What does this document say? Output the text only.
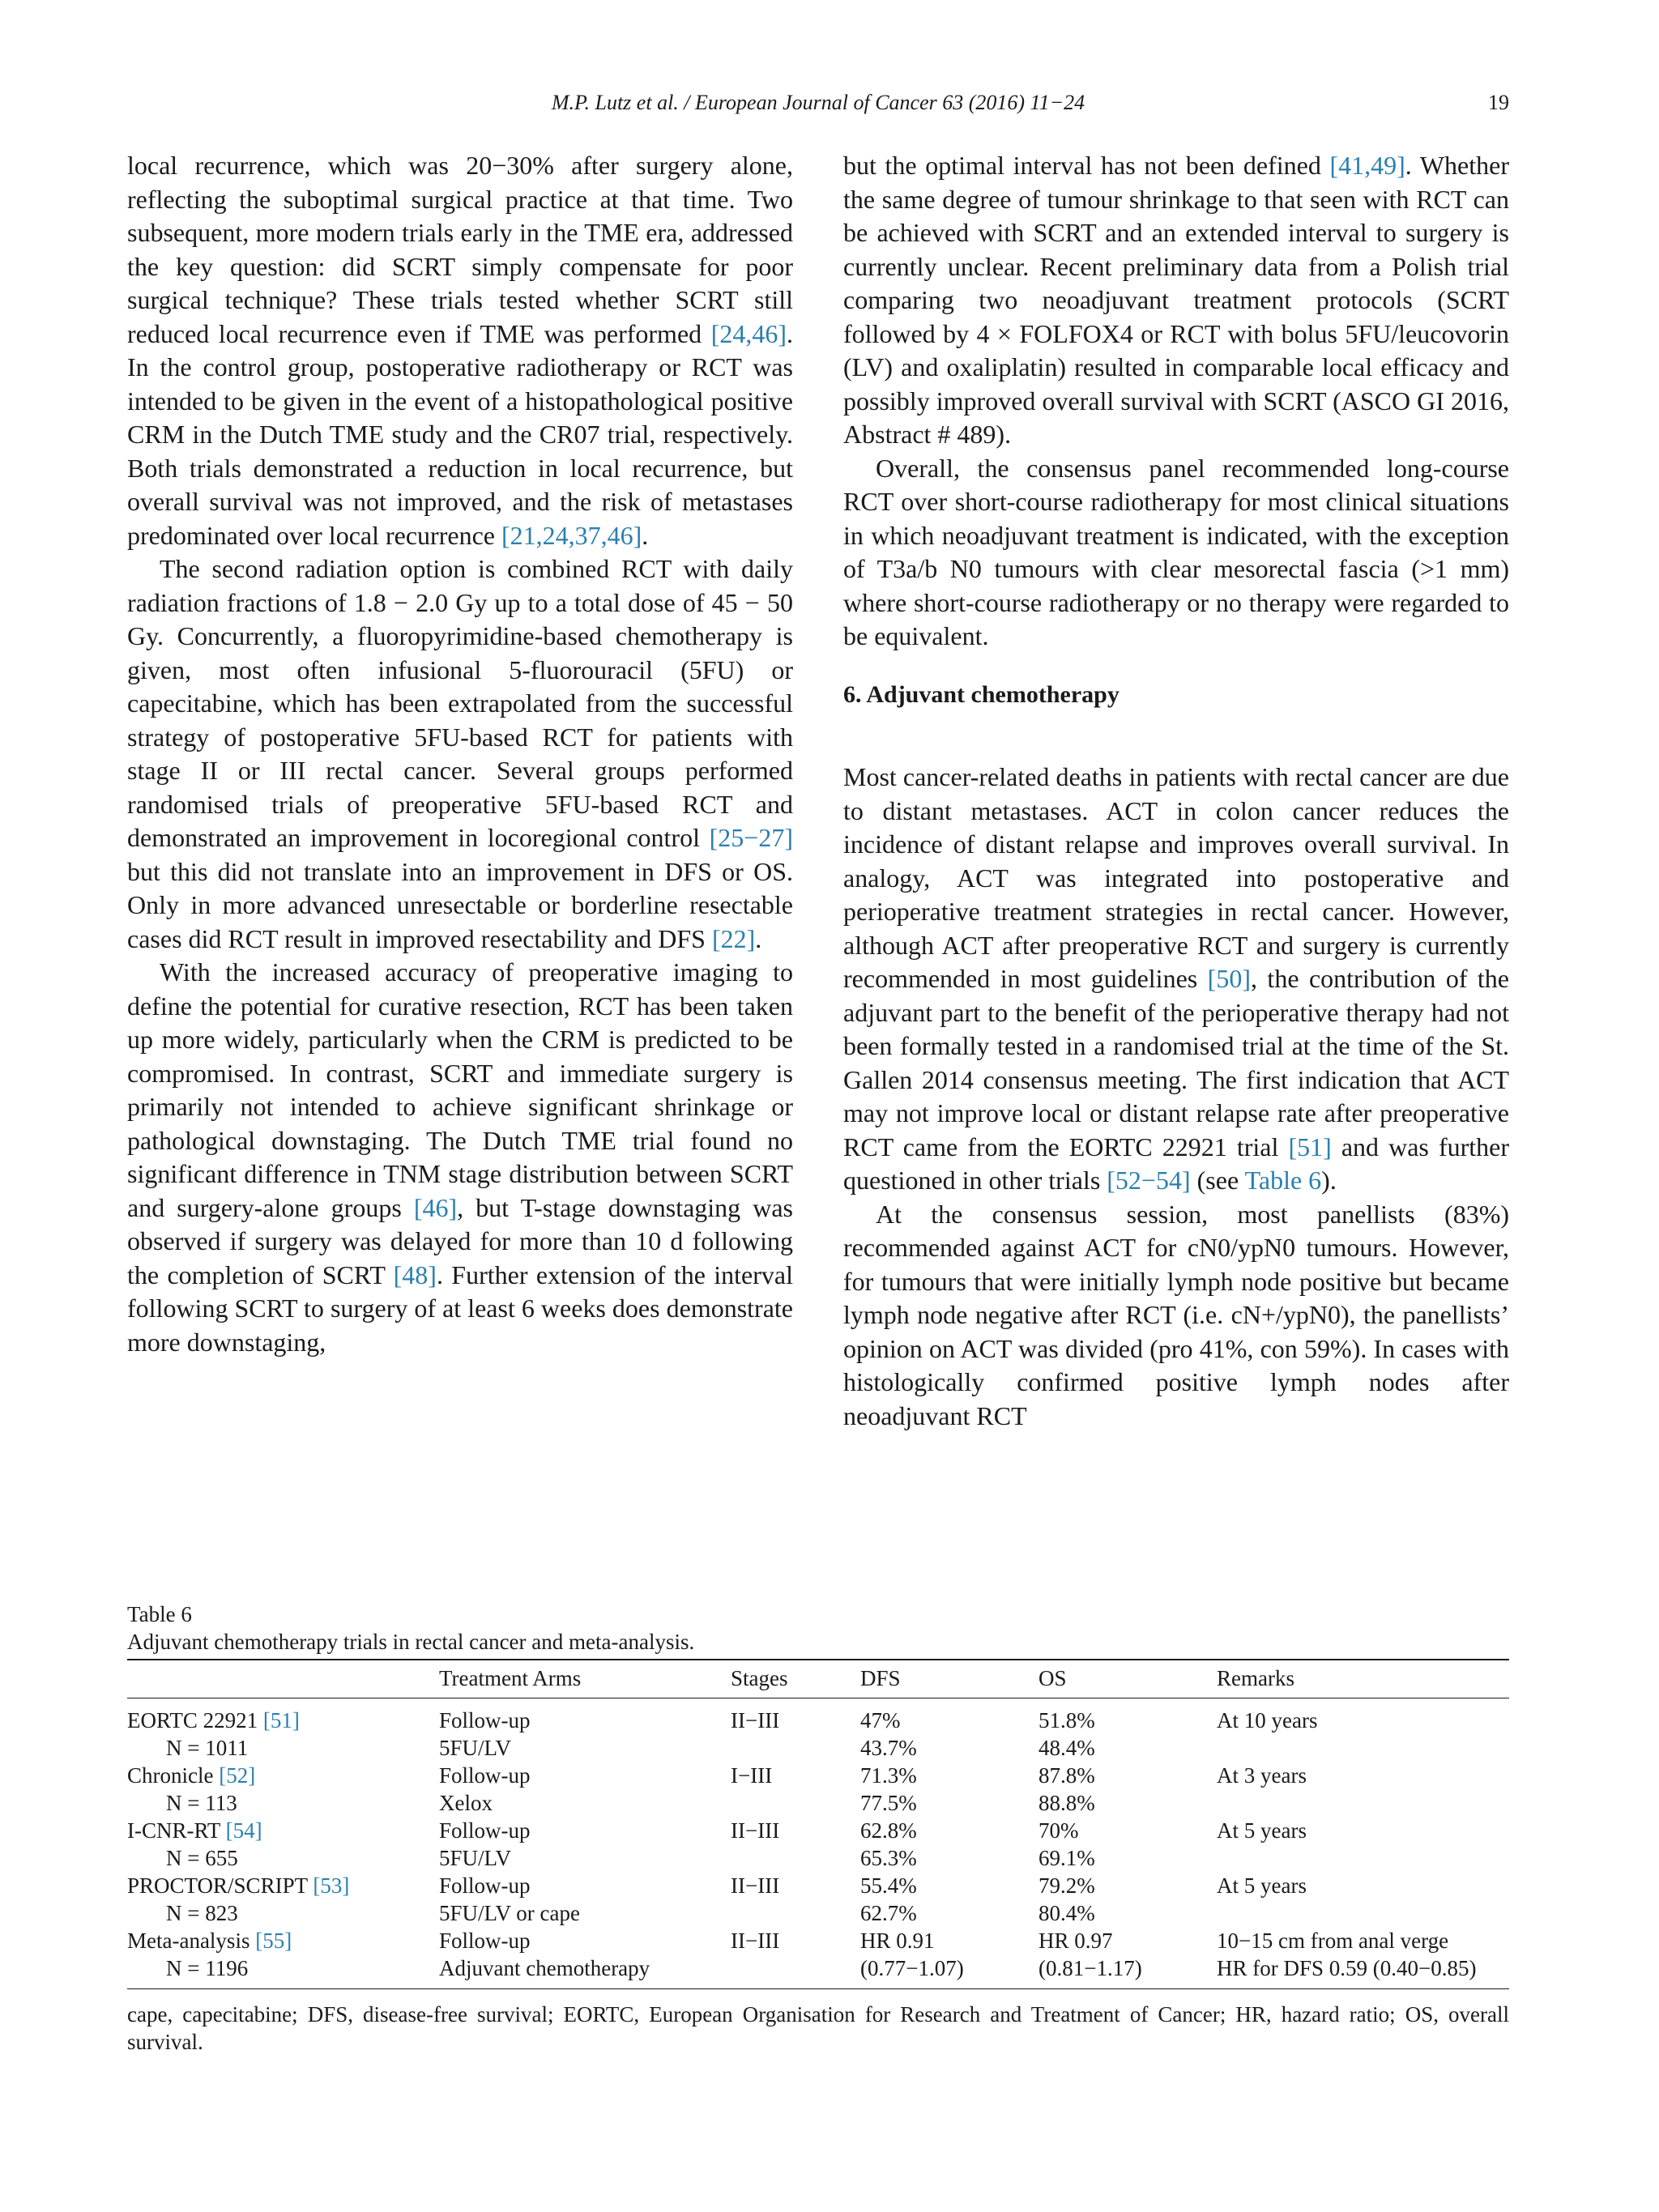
M.P. Lutz et al. / European Journal of Cancer 63 (2016) 11−24	19

local recurrence, which was 20−30% after surgery alone, reflecting the suboptimal surgical practice at that time. Two subsequent, more modern trials early in the TME era, addressed the key question: did SCRT simply compensate for poor surgical technique? These trials tested whether SCRT still reduced local recurrence even if TME was performed [24,46]. In the control group, postoperative radiotherapy or RCT was intended to be given in the event of a histopathological positive CRM in the Dutch TME study and the CR07 trial, respectively. Both trials demonstrated a reduction in local recurrence, but overall survival was not improved, and the risk of metastases predominated over local recurrence [21,24,37,46].

The second radiation option is combined RCT with daily radiation fractions of 1.8 − 2.0 Gy up to a total dose of 45 − 50 Gy. Concurrently, a fluoropyrimidine-based chemotherapy is given, most often infusional 5-fluorouracil (5FU) or capecitabine, which has been extrapolated from the successful strategy of postoperative 5FU-based RCT for patients with stage II or III rectal cancer. Several groups performed randomised trials of preoperative 5FU-based RCT and demonstrated an improvement in locoregional control [25−27] but this did not translate into an improvement in DFS or OS. Only in more advanced unresectable or borderline resectable cases did RCT result in improved resectability and DFS [22].

With the increased accuracy of preoperative imaging to define the potential for curative resection, RCT has been taken up more widely, particularly when the CRM is predicted to be compromised. In contrast, SCRT and immediate surgery is primarily not intended to achieve significant shrinkage or pathological downstaging. The Dutch TME trial found no significant difference in TNM stage distribution between SCRT and surgery-alone groups [46], but T-stage downstaging was observed if surgery was delayed for more than 10 d following the completion of SCRT [48]. Further extension of the interval following SCRT to surgery of at least 6 weeks does demonstrate more downstaging,

but the optimal interval has not been defined [41,49]. Whether the same degree of tumour shrinkage to that seen with RCT can be achieved with SCRT and an extended interval to surgery is currently unclear. Recent preliminary data from a Polish trial comparing two neoadjuvant treatment protocols (SCRT followed by 4 × FOLFOX4 or RCT with bolus 5FU/leucovorin (LV) and oxaliplatin) resulted in comparable local efficacy and possibly improved overall survival with SCRT (ASCO GI 2016, Abstract # 489).

Overall, the consensus panel recommended long-course RCT over short-course radiotherapy for most clinical situations in which neoadjuvant treatment is indicated, with the exception of T3a/b N0 tumours with clear mesorectal fascia (>1 mm) where short-course radiotherapy or no therapy were regarded to be equivalent.

6. Adjuvant chemotherapy

Most cancer-related deaths in patients with rectal cancer are due to distant metastases. ACT in colon cancer reduces the incidence of distant relapse and improves overall survival. In analogy, ACT was integrated into postoperative and perioperative treatment strategies in rectal cancer. However, although ACT after preoperative RCT and surgery is currently recommended in most guidelines [50], the contribution of the adjuvant part to the benefit of the perioperative therapy had not been formally tested in a randomised trial at the time of the St. Gallen 2014 consensus meeting. The first indication that ACT may not improve local or distant relapse rate after preoperative RCT came from the EORTC 22921 trial [51] and was further questioned in other trials [52−54] (see Table 6).

At the consensus session, most panellists (83%) recommended against ACT for cN0/ypN0 tumours. However, for tumours that were initially lymph node positive but became lymph node negative after RCT (i.e. cN+/ypN0), the panellists’ opinion on ACT was divided (pro 41%, con 59%). In cases with histologically confirmed positive lymph nodes after neoadjuvant RCT

Table 6
Adjuvant chemotherapy trials in rectal cancer and meta-analysis.
	Treatment Arms	Stages	DFS	OS	Remarks
EORTC 22921 [51]	Follow-up	II−III	47%	51.8%	At 10 years
N = 1011	5FU/LV		43.7%	48.4%	
Chronicle [52]	Follow-up	I−III	71.3%	87.8%	At 3 years
N = 113	Xelox		77.5%	88.8%	
I-CNR-RT [54]	Follow-up	II−III	62.8%	70%	At 5 years
N = 655	5FU/LV		65.3%	69.1%	
PROCTOR/SCRIPT [53]	Follow-up	II−III	55.4%	79.2%	At 5 years
N = 823	5FU/LV or cape		62.7%	80.4%	
Meta-analysis [55]	Follow-up	II−III	HR 0.91	HR 0.97	10−15 cm from anal verge
N = 1196	Adjuvant chemotherapy		(0.77−1.07)	(0.81−1.17)	HR for DFS 0.59 (0.40−0.85)
cape, capecitabine; DFS, disease-free survival; EORTC, European Organisation for Research and Treatment of Cancer; HR, hazard ratio; OS, overall survival.
